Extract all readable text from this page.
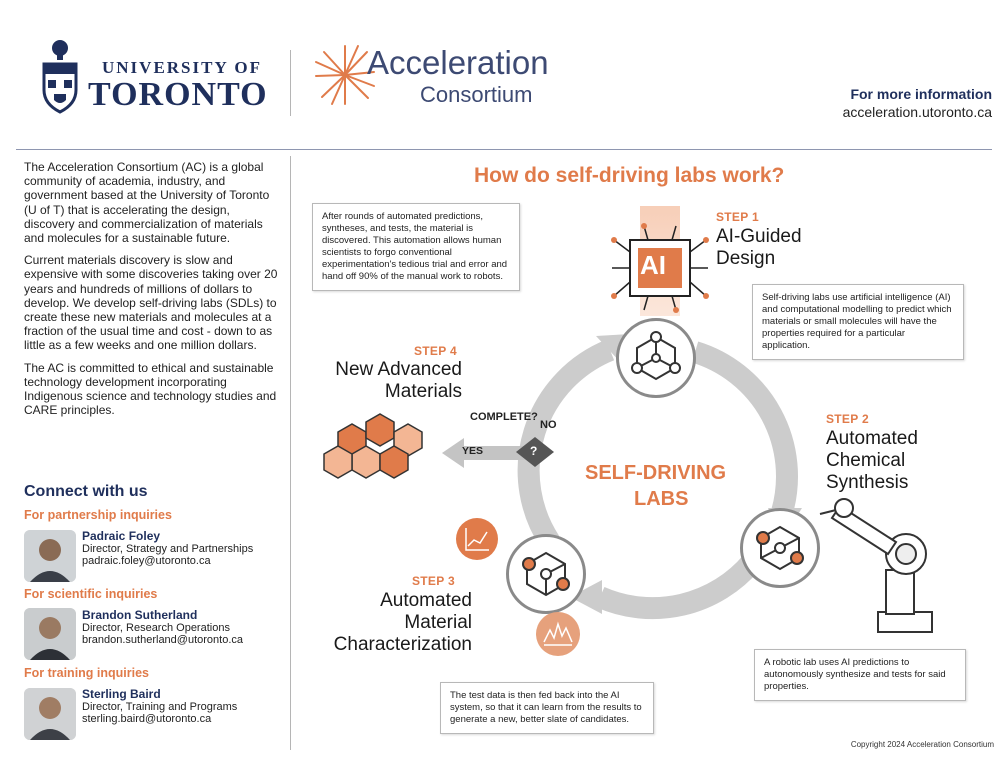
UNIVERSITY OF
TORONTO
Acceleration
Consortium	For more information
acceleration.utoronto.ca

The Acceleration Consortium (AC) is a global community of academia, industry, and government based at the University of Toronto (U of T) that is accelerating the design, discovery and commercialization of materials and molecules for a sustainable future.

Current materials discovery is slow and expensive with some discoveries taking over 20 years and hundreds of millions of dollars to develop. We develop self-driving labs (SDLs) to create these new materials and molecules at a fraction of the usual time and cost - down to as little as a few weeks and one million dollars.

The AC is committed to ethical and sustainable technology development incorporating Indigenous science and technology studies and CARE principles.

Connect with us
For partnership inquiries
Padraic Foley
Director, Strategy and Partnerships
padraic.foley@utoronto.ca
For scientific inquiries
Brandon Sutherland
Director, Research Operations
brandon.sutherland@utoronto.ca
For training inquiries
Sterling Baird
Director, Training and Programs
sterling.baird@utoronto.ca
How do self-driving labs work?
?
COMPLETE?
NO
YES
SELF-DRIVING
LABS
AI
STEP 1
AI-Guided
Design
STEP 2
Automated
Chemical
Synthesis
STEP 3
Automated
Material
Characterization
STEP 4
New Advanced
Materials
After rounds of automated predictions, syntheses, and tests, the material is discovered. This automation allows human scientists to forgo conventional experimentation's tedious trial and error and hand off 90% of the manual work to robots.
Self-driving labs use artificial intelligence (AI) and computational modelling to predict which materials or small molecules will have the properties required for a particular application.
A robotic lab uses AI predictions to autonomously synthesize and tests for said properties.
The test data is then fed back into the AI system, so that it can learn from the results to generate a new, better slate of candidates.
Copyright 2024 Acceleration Consortium
